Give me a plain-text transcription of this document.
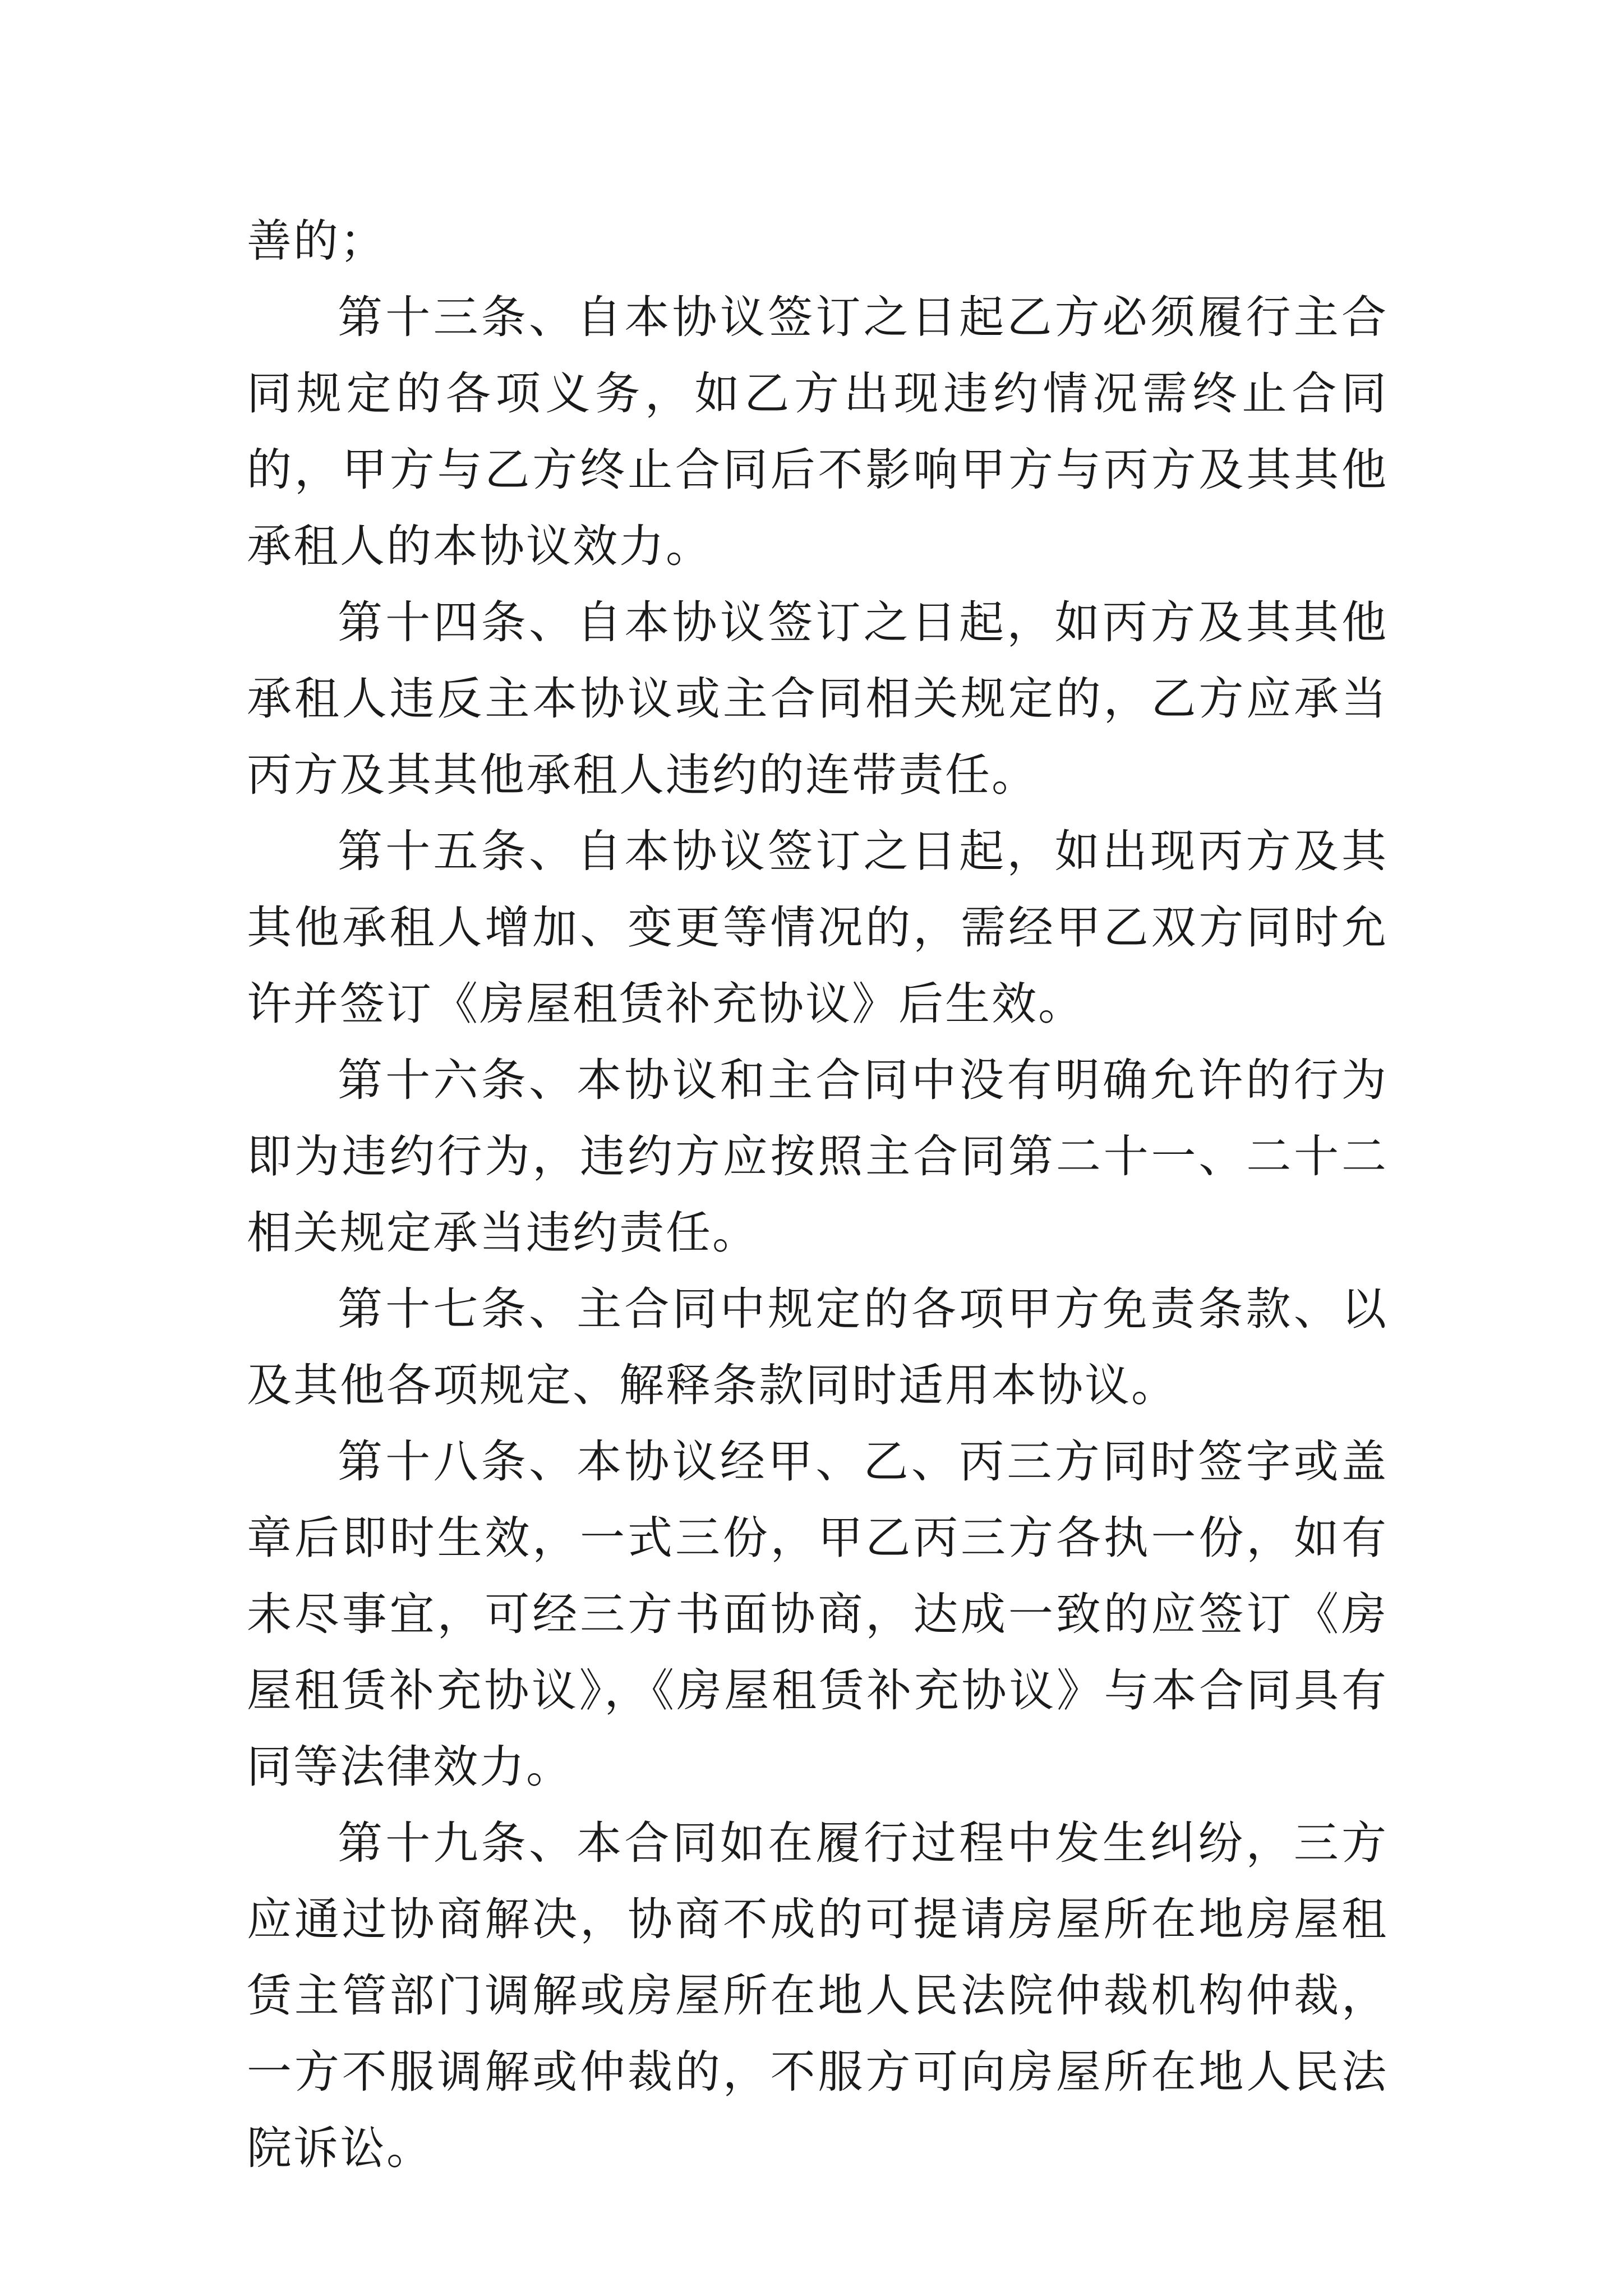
善的；

第十三条、自本协议签订之日起乙方必须履行主合同规定的各项义务，如乙方出现违约情况需终止合同的，甲方与乙方终止合同后不影响甲方与丙方及其其他承租人的本协议效力。

第十四条、自本协议签订之日起，如丙方及其其他承租人违反主本协议或主合同相关规定的，乙方应承当丙方及其其他承租人违约的连带责任。

第十五条、自本协议签订之日起，如出现丙方及其其他承租人增加、变更等情况的，需经甲乙双方同时允许并签订《房屋租赁补充协议》后生效。

第十六条、本协议和主合同中没有明确允许的行为即为违约行为，违约方应按照主合同第二十一、二十二相关规定承当违约责任。

第十七条、主合同中规定的各项甲方免责条款、以及其他各项规定、解释条款同时适用本协议。

第十八条、本协议经甲、乙、丙三方同时签字或盖章后即时生效，一式三份，甲乙丙三方各执一份，如有未尽事宜，可经三方书面协商，达成一致的应签订《房屋租赁补充协议》，《房屋租赁补充协议》与本合同具有同等法律效力。

第十九条、本合同如在履行过程中发生纠纷，三方应通过协商解决，协商不成的可提请房屋所在地房屋租赁主管部门调解或房屋所在地人民法院仲裁机构仲裁，一方不服调解或仲裁的，不服方可向房屋所在地人民法院诉讼。
